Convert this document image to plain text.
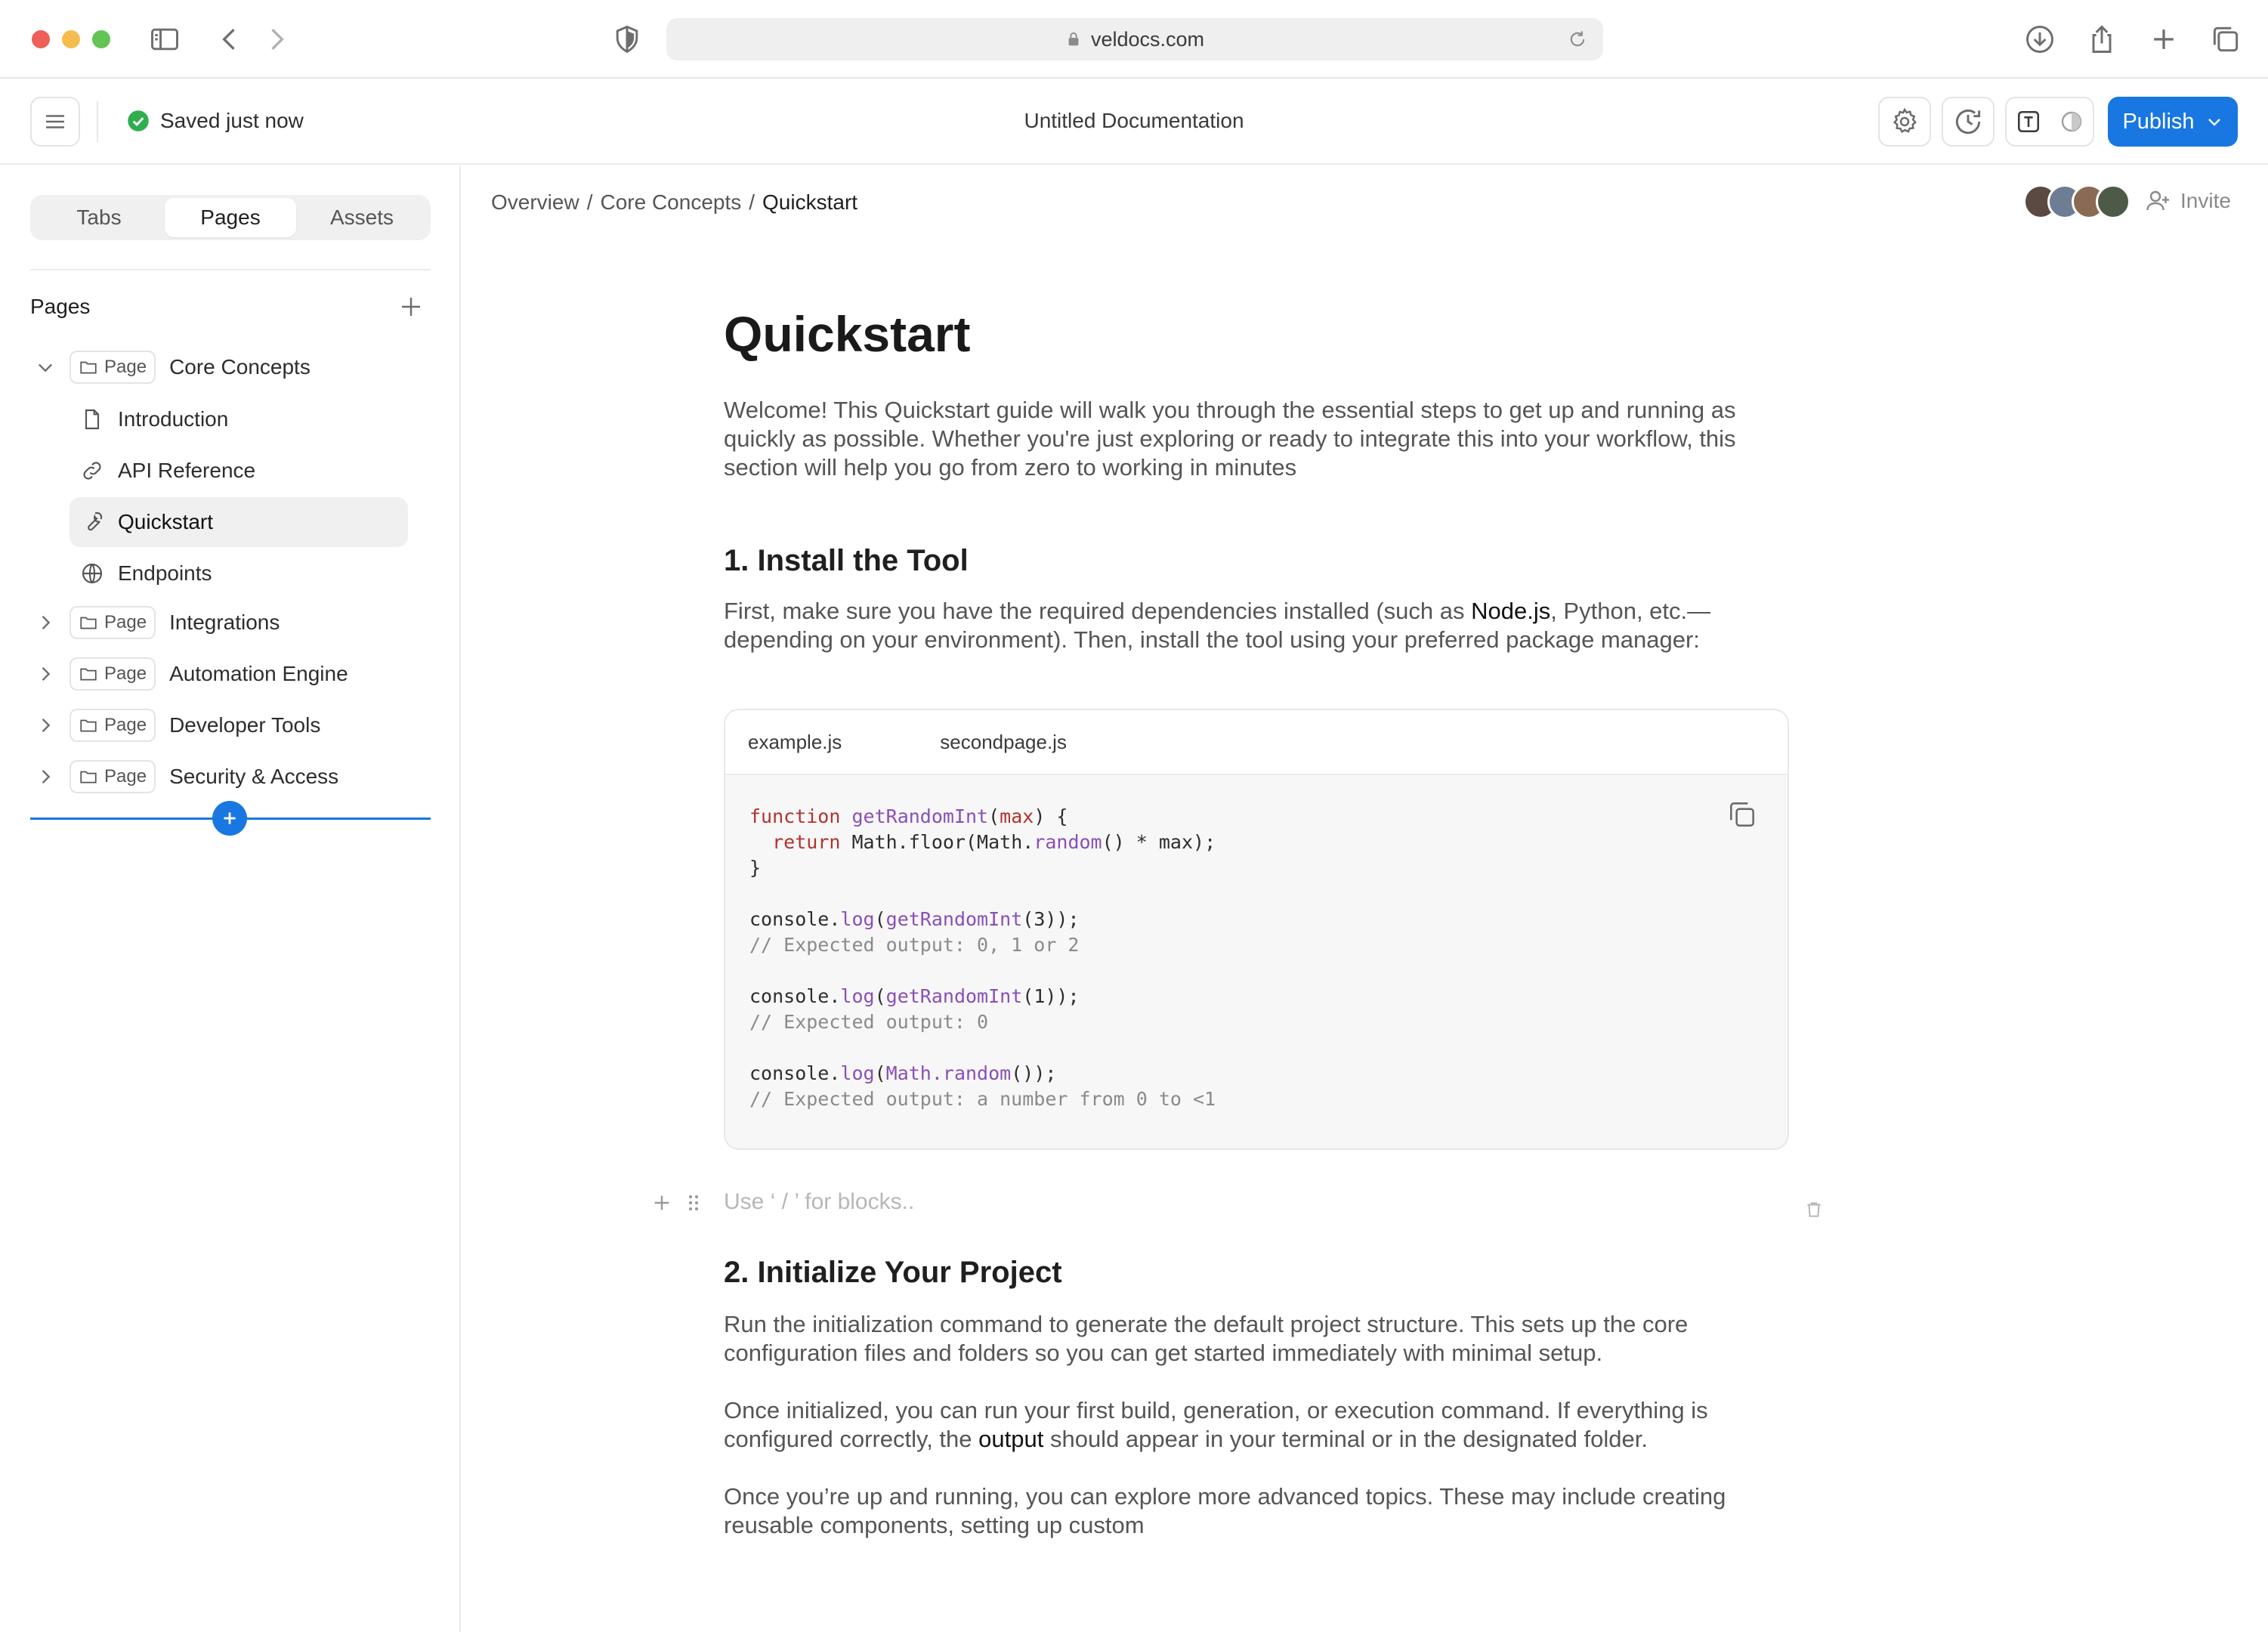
veldocs.com
Saved just now	Untitled Documentation	Publish
Tabs	Pages	Assets
Pages
Page Core Concepts
Introduction
API Reference
Quickstart
Endpoints
Page Integrations
Page Automation Engine
Page Developer Tools
Page Security & Access
Overview / Core Concepts / Quickstart	Invite
Quickstart
Welcome! This Quickstart guide will walk you through the essential steps to get up and running as quickly as possible. Whether you're just exploring or ready to integrate this into your workflow, this section will help you go from zero to working in minutes
1. Install the Tool
First, make sure you have the required dependencies installed (such as Node.js, Python, etc.—depending on your environment). Then, install the tool using your preferred package manager:
example.js	secondpage.js
function getRandomInt(max) {
return Math.floor(Math.random() * max);
}

console.log(getRandomInt(3));
// Expected output: 0, 1 or 2

console.log(getRandomInt(1));
// Expected output: 0

console.log(Math.random());
// Expected output: a number from 0 to <1
Use ‘ / ’ for blocks..
2. Initialize Your Project
Run the initialization command to generate the default project structure. This sets up the core configuration files and folders so you can get started immediately with minimal setup.
Once initialized, you can run your first build, generation, or execution command. If everything is configured correctly, the output should appear in your terminal or in the designated folder.
Once you’re up and running, you can explore more advanced topics. These may include creating reusable components, setting up custom
